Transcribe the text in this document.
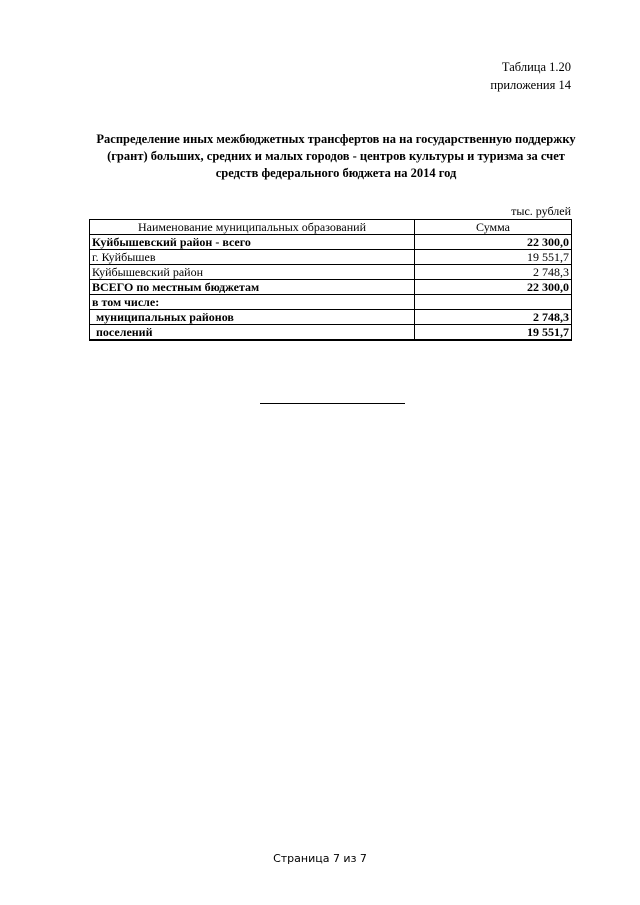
Таблица 1.20
приложения 14
Распределение иных межбюджетных трансфертов на на государственную поддержку (грант) больших, средних и малых городов - центров культуры и туризма за счет средств федерального бюджета на 2014 год
тыс. рублей
Наименование муниципальных образований	Сумма
Куйбышевский район - всего	22 300,0
г. Куйбышев	19 551,7
Куйбышевский район	2 748,3
ВСЕГО по местным бюджетам	22 300,0
в том числе:	
муниципальных районов	2 748,3
поселений	19 551,7
Страница 7 из 7
